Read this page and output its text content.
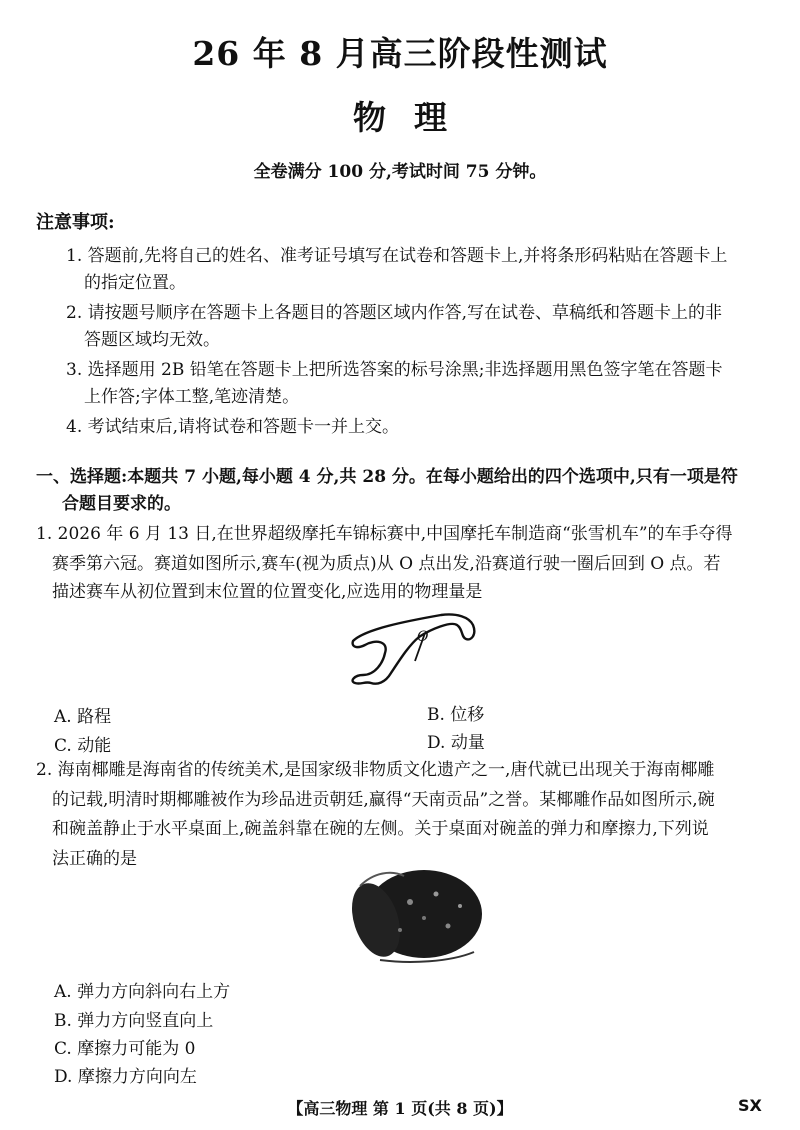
26 年 8 月高三阶段性测试
物理
全卷满分 100 分,考试时间 75 分钟。
注意事项:
1. 答题前,先将自己的姓名、准考证号填写在试卷和答题卡上,并将条形码粘贴在答题卡上
的指定位置。
2. 请按题号顺序在答题卡上各题目的答题区域内作答,写在试卷、草稿纸和答题卡上的非
答题区域均无效。
3. 选择题用 2B 铅笔在答题卡上把所选答案的标号涂黑;非选择题用黑色签字笔在答题卡
上作答;字体工整,笔迹清楚。
4. 考试结束后,请将试卷和答题卡一并上交。
一、选择题:本题共 7 小题,每小题 4 分,共 28 分。在每小题给出的四个选项中,只有一项是符
合题目要求的。
1. 2026 年 6 月 13 日,在世界超级摩托车锦标赛中,中国摩托车制造商“张雪机车”的车手夺得
赛季第六冠。赛道如图所示,赛车(视为质点)从 O 点出发,沿赛道行驶一圈后回到 O 点。若
描述赛车从初位置到末位置的位置变化,应选用的物理量是
O
A. 路程	B. 位移
C. 动能	D. 动量
2. 海南椰雕是海南省的传统美术,是国家级非物质文化遗产之一,唐代就已出现关于海南椰雕
的记载,明清时期椰雕被作为珍品进贡朝廷,赢得“天南贡品”之誉。某椰雕作品如图所示,碗
和碗盖静止于水平桌面上,碗盖斜靠在碗的左侧。关于桌面对碗盖的弹力和摩擦力,下列说
法正确的是
A. 弹力方向斜向右上方
B. 弹力方向竖直向上
C. 摩擦力可能为 0
D. 摩擦力方向向左
【高三物理 第 1 页(共 8 页)】	SX
